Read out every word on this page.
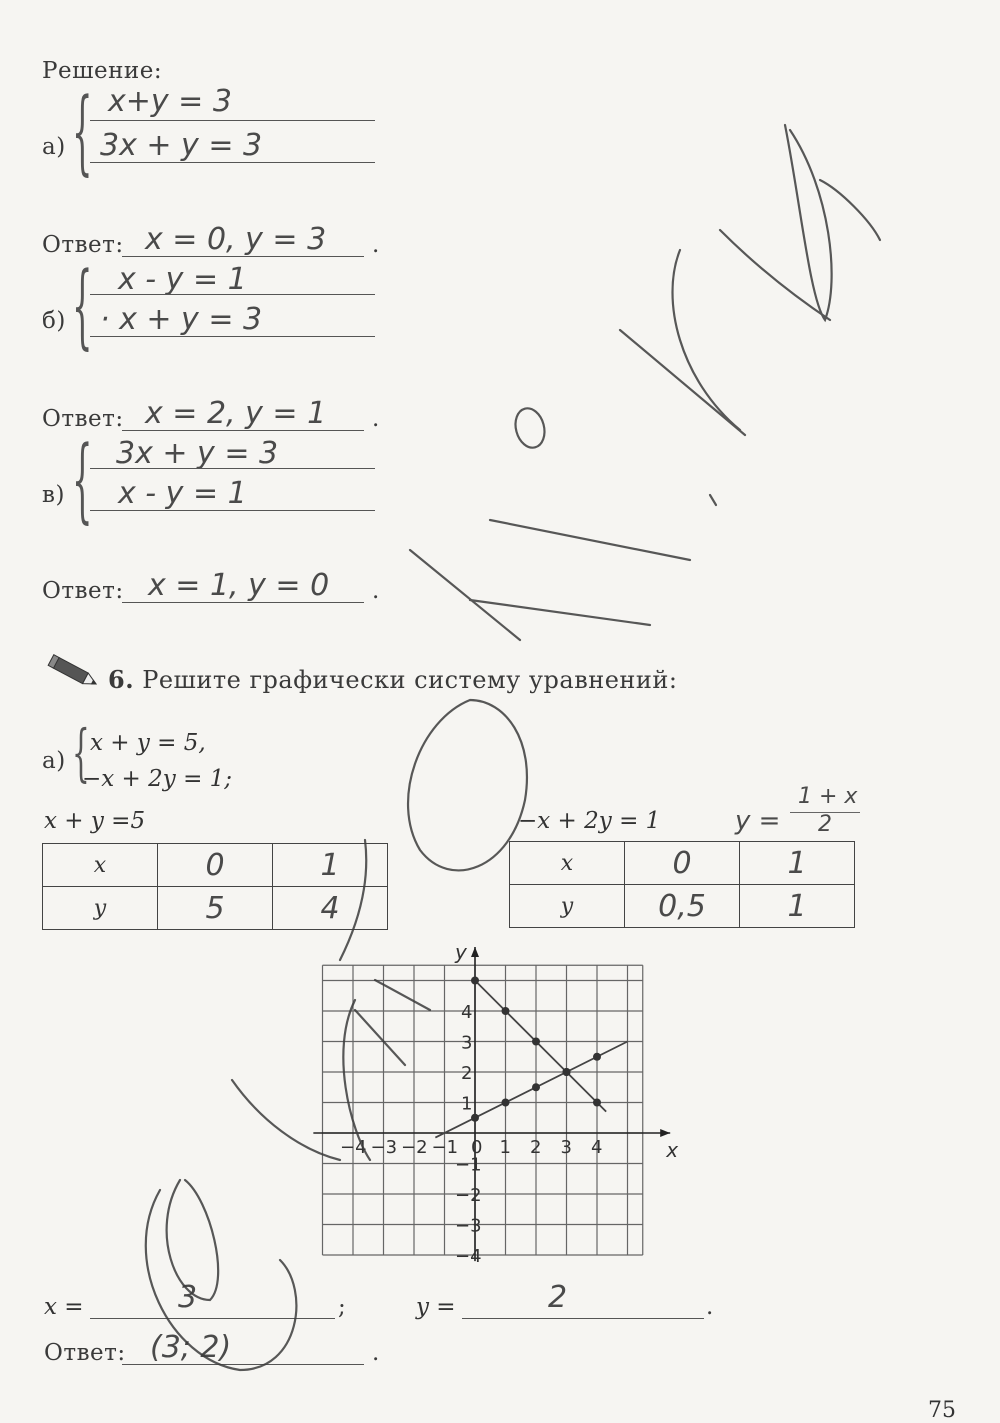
Решение:
а) { x+y = 3
3x + y = 3
Ответ: x = 0, y = 3 .
б) { x - y = 1
· x + y = 3
Ответ: x = 2, y = 1 .
в) { 3x + y = 3
x - y = 1
Ответ: x = 1, y = 0 .
6. Решите графически систему уравнений:
а) { x + y = 5,
−x + 2y = 1;
x + y =5
x	0	1
y	5	4
−x + 2y = 1	y =
1 + x
2
x	0	1
y	0,5	1
x
y
0
−4 −3 −2 −1 1 2 3 4
4
3
2
1
−1
−2
−3
−4
x =	3	;	y =	2	.
Ответ: (3; 2)	.
75
